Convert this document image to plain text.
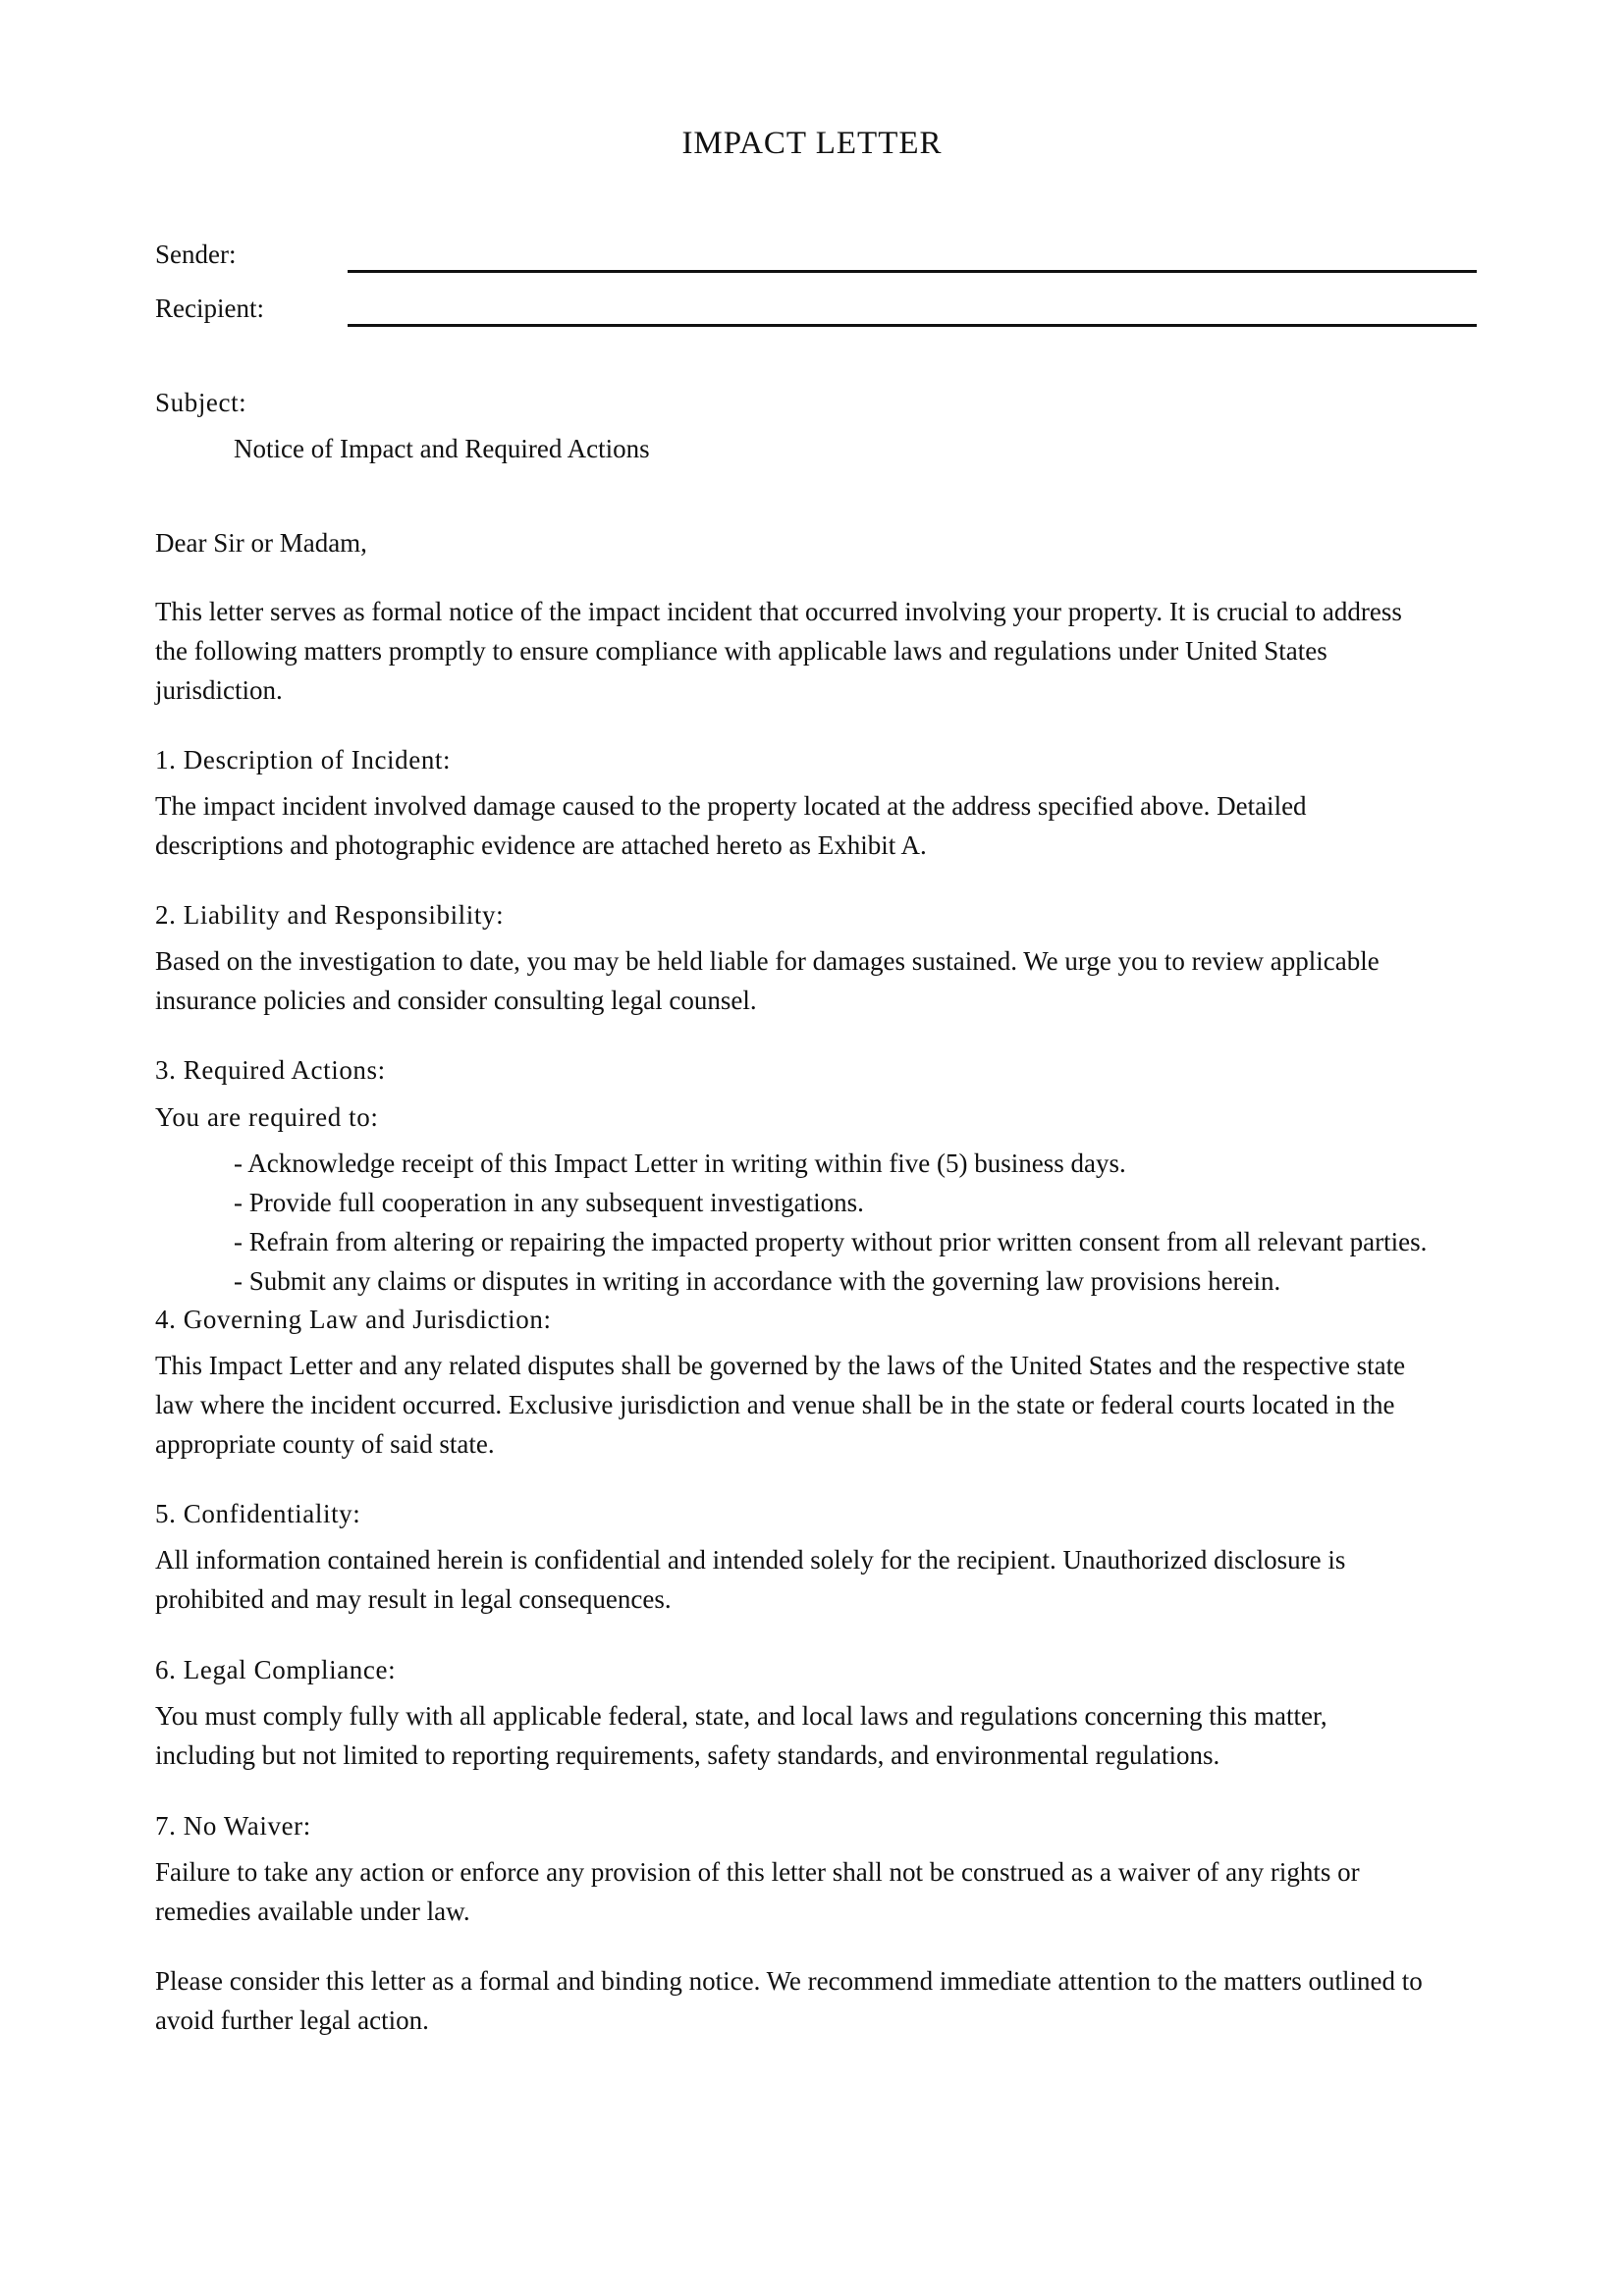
IMPACT LETTER
Sender:
Recipient:
Subject:
Notice of Impact and Required Actions
Dear Sir or Madam,
This letter serves as formal notice of the impact incident that occurred involving your property. It is crucial to address
the following matters promptly to ensure compliance with applicable laws and regulations under United States
jurisdiction.
1. Description of Incident:
The impact incident involved damage caused to the property located at the address specified above. Detailed
descriptions and photographic evidence are attached hereto as Exhibit A.
2. Liability and Responsibility:
Based on the investigation to date, you may be held liable for damages sustained. We urge you to review applicable
insurance policies and consider consulting legal counsel.
3. Required Actions:
You are required to:
- Acknowledge receipt of this Impact Letter in writing within five (5) business days.
- Provide full cooperation in any subsequent investigations.
- Refrain from altering or repairing the impacted property without prior written consent from all relevant parties.
- Submit any claims or disputes in writing in accordance with the governing law provisions herein.
4. Governing Law and Jurisdiction:
This Impact Letter and any related disputes shall be governed by the laws of the United States and the respective state
law where the incident occurred. Exclusive jurisdiction and venue shall be in the state or federal courts located in the
appropriate county of said state.
5. Confidentiality:
All information contained herein is confidential and intended solely for the recipient. Unauthorized disclosure is
prohibited and may result in legal consequences.
6. Legal Compliance:
You must comply fully with all applicable federal, state, and local laws and regulations concerning this matter,
including but not limited to reporting requirements, safety standards, and environmental regulations.
7. No Waiver:
Failure to take any action or enforce any provision of this letter shall not be construed as a waiver of any rights or
remedies available under law.
Please consider this letter as a formal and binding notice. We recommend immediate attention to the matters outlined to
avoid further legal action.
